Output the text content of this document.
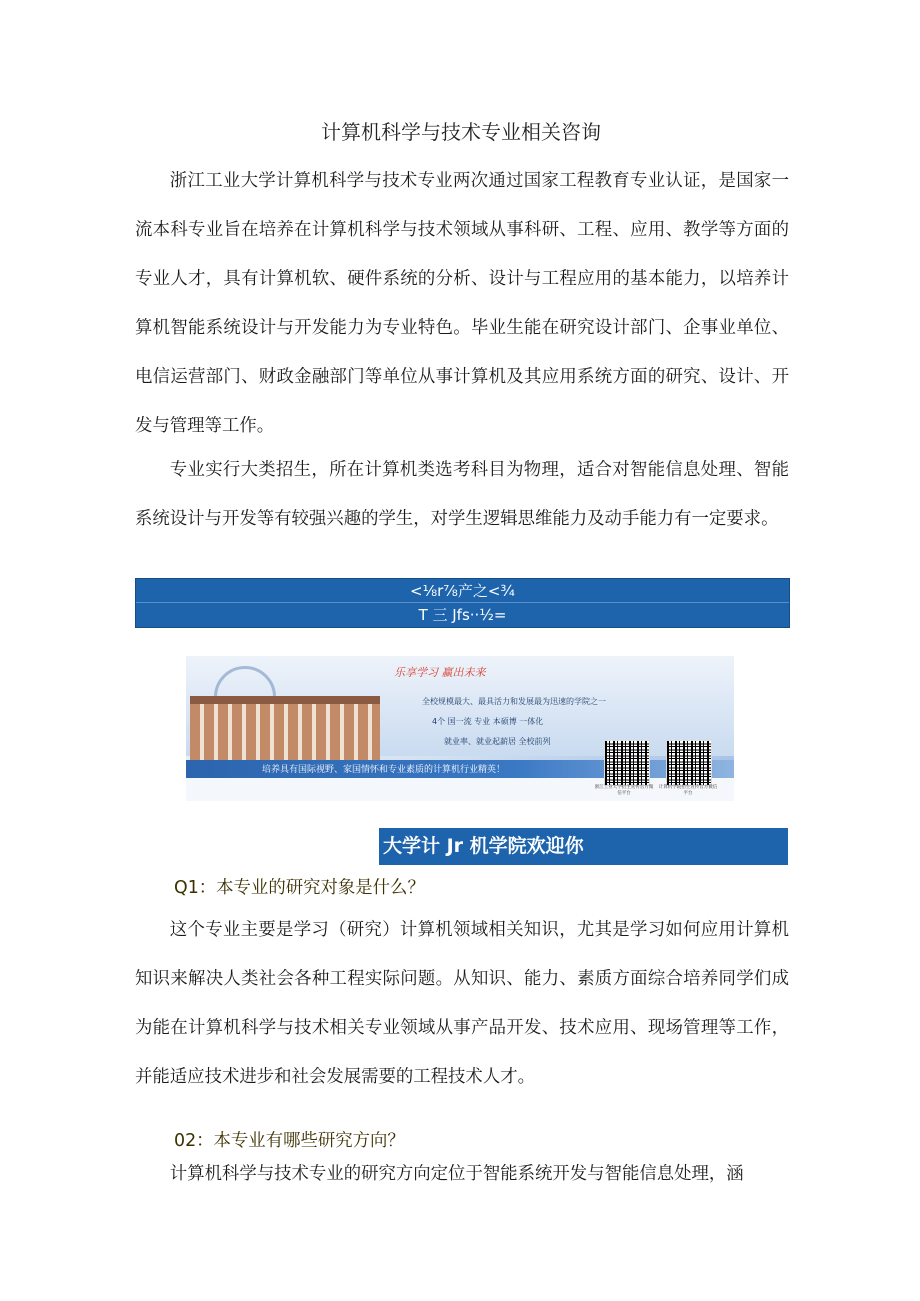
计算机科学与技术专业相关咨询
浙江工业大学计算机科学与技术专业两次通过国家工程教育专业认证，是国家一流本科专业旨在培养在计算机科学与技术领域从事科研、工程、应用、教学等方面的专业人才，具有计算机软、硬件系统的分析、设计与工程应用的基本能力，以培养计算机智能系统设计与开发能力为专业特色。毕业生能在研究设计部门、企事业单位、电信运营部门、财政金融部门等单位从事计算机及其应用系统方面的研究、设计、开发与管理等工作。
专业实行大类招生，所在计算机类选考科目为物理，适合对智能信息处理、智能系统设计与开发等有较强兴趣的学生，对学生逻辑思维能力及动手能力有一定要求。
<⅛r⅞产之<¾
T 三 Jfs··½=
乐享学习 赢出未来
全校规模最大、最具活力和发展最为迅速的学院之一
4个 国一流 专业 本硕博 一体化
就业率、就业起薪居 全校前列
培养具有国际视野、家国情怀和专业素质的计算机行业精英！
浙江工业大学招生宣传官方微信平台
计算机学院招生宣传官方微信平台
大学计 Jr 机学院欢迎你
Q1：本专业的研究对象是什么？
这个专业主要是学习（研究）计算机领域相关知识，尤其是学习如何应用计算机知识来解决人类社会各种工程实际问题。从知识、能力、素质方面综合培养同学们成为能在计算机科学与技术相关专业领域从事产品开发、技术应用、现场管理等工作，并能适应技术进步和社会发展需要的工程技术人才。
02：本专业有哪些研究方向？
计算机科学与技术专业的研究方向定位于智能系统开发与智能信息处理，涵
